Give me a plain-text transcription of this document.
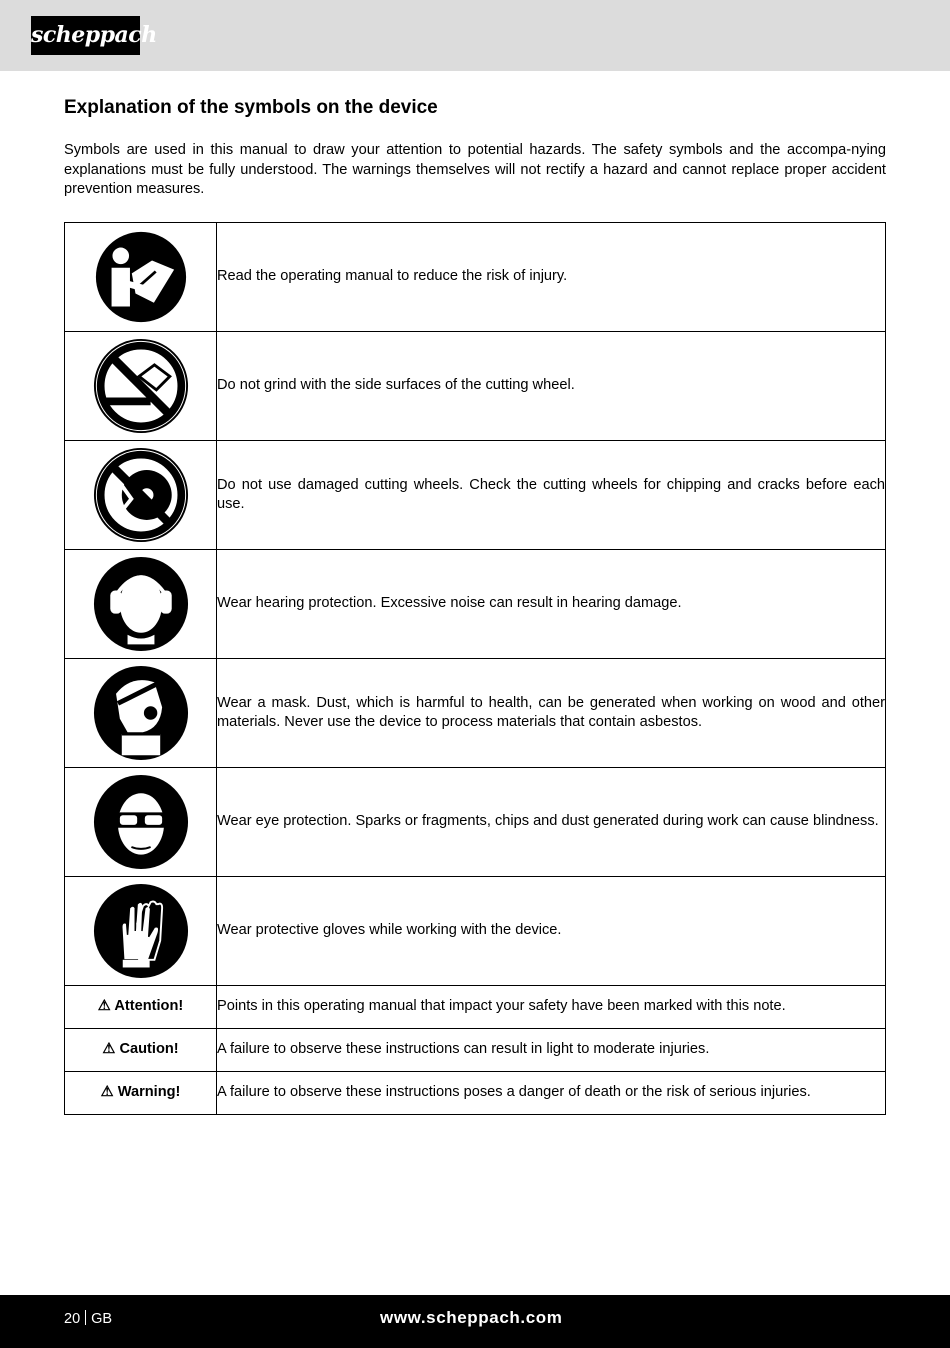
scheppach
Explanation of the symbols on the device

Symbols are used in this manual to draw your attention to potential hazards. The safety symbols and the accompa-nying explanations must be fully understood. The warnings themselves will not rectify a hazard and cannot replace proper accident prevention measures.

	Read the operating manual to reduce the risk of injury.

	Do not grind with the side surfaces of the cutting wheel.

	Do not use damaged cutting wheels. Check the cutting wheels for chipping and cracks before each use.

	Wear hearing protection. Excessive noise can result in hearing damage.

	Wear a mask. Dust, which is harmful to health, can be generated when working on wood and other materials. Never use the device to process materials that contain asbestos.

	Wear eye protection. Sparks or fragments, chips and dust generated during work can cause blindness.

	Wear protective gloves while working with the device.
⚠ Attention!	Points in this operating manual that impact your safety have been marked with this note.
⚠ Caution!	A failure to observe these instructions can result in light to moderate injuries.
⚠ Warning!	A failure to observe these instructions poses a danger of death or the risk of serious injuries.
20 GB	www.scheppach.com
